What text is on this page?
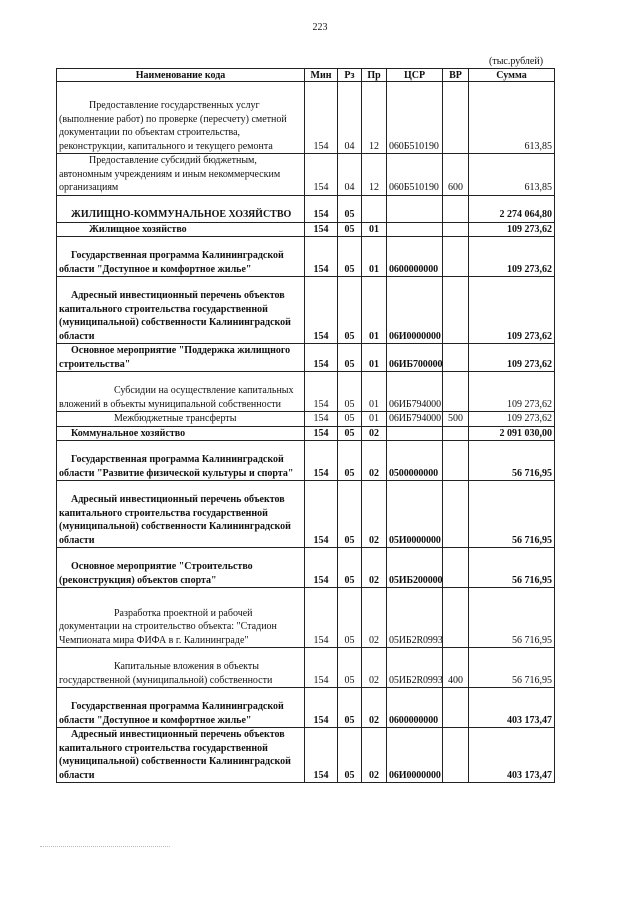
223
(тыс.рублей)
Наименование кода	Мин	Рз	Пр	ЦСР	ВР	Сумма
Предоставление государственных услуг (выполнение работ) по проверке (пересчету) сметной документации по объектам строительства, реконструкции, капитального и текущего ремонта	154	04	12	060Б510190		613,85
Предоставление субсидий бюджетным, автономным учреждениям и иным некоммерческим организациям	154	04	12	060Б510190	600	613,85
ЖИЛИЩНО-КОММУНАЛЬНОЕ ХОЗЯЙСТВО	154	05				2 274 064,80
Жилищное хозяйство	154	05	01			109 273,62
Государственная программа Калининградской области "Доступное и комфортное жилье"	154	05	01	0600000000		109 273,62
Адресный инвестиционный перечень объектов капитального строительства государственной (муниципальной) собственности Калининградской области	154	05	01	06И0000000		109 273,62
Основное мероприятие "Поддержка жилищного строительства"	154	05	01	06ИБ700000		109 273,62
Субсидии на осуществление капитальных вложений в объекты муниципальной собственности	154	05	01	06ИБ794000		109 273,62
Межбюджетные трансферты	154	05	01	06ИБ794000	500	109 273,62
Коммунальное хозяйство	154	05	02			2 091 030,00
Государственная программа Калининградской области "Развитие физической культуры и спорта"	154	05	02	0500000000		56 716,95
Адресный инвестиционный перечень объектов капитального строительства государственной (муниципальной) собственности Калининградской области	154	05	02	05И0000000		56 716,95
Основное мероприятие "Строительство (реконструкция) объектов спорта"	154	05	02	05ИБ200000		56 716,95
Разработка проектной и рабочей документации на строительство объекта: "Стадион Чемпионата мира ФИФА в г. Калининграде"	154	05	02	05ИБ2R0993		56 716,95
Капитальные вложения в объекты государственной (муниципальной) собственности	154	05	02	05ИБ2R0993	400	56 716,95
Государственная программа Калининградской области "Доступное и комфортное жилье"	154	05	02	0600000000		403 173,47
Адресный инвестиционный перечень объектов капитального строительства государственной (муниципальной) собственности Калининградской области	154	05	02	06И0000000		403 173,47
